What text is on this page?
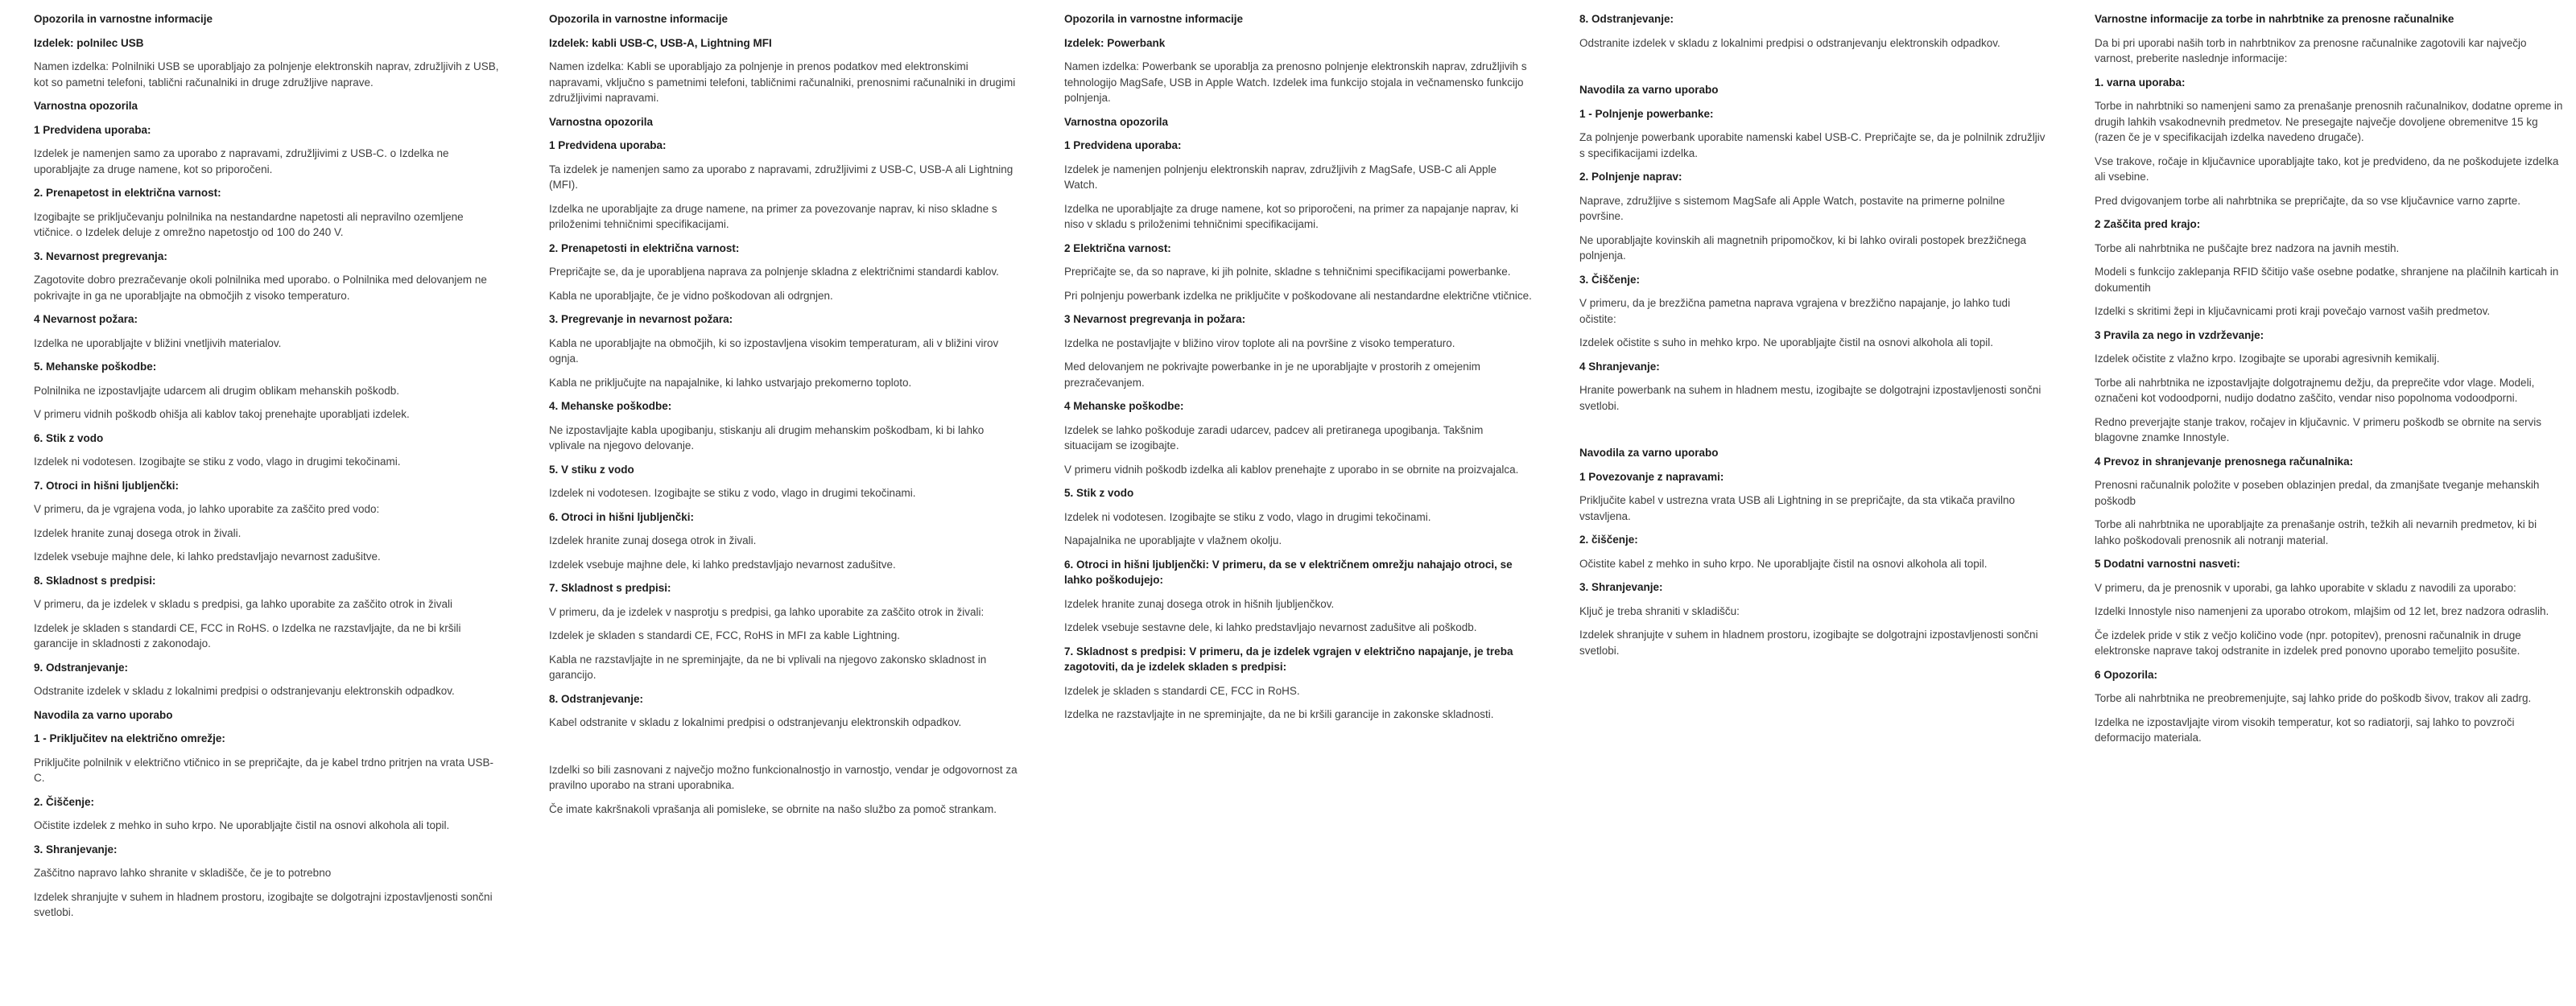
Opozorila in varnostne informacije
Izdelek: polnilec USB

Namen izdelka: Polnilniki USB se uporabljajo za polnjenje elektronskih naprav, združljivih z USB, kot so pametni telefoni, tablični računalniki in druge združljive naprave.

Varnostna opozorila
1 Predvidena uporaba:

Izdelek je namenjen samo za uporabo z napravami, združljivimi z USB-C. o Izdelka ne uporabljajte za druge namene, kot so priporočeni.

2. Prenapetost in električna varnost:

Izogibajte se priključevanju polnilnika na nestandardne napetosti ali nepravilno ozemljene vtičnice. o Izdelek deluje z omrežno napetostjo od 100 do 240 V.

3. Nevarnost pregrevanja:

Zagotovite dobro prezračevanje okoli polnilnika med uporabo. o Polnilnika med delovanjem ne pokrivajte in ga ne uporabljajte na območjih z visoko temperaturo.

4 Nevarnost požara:

Izdelka ne uporabljajte v bližini vnetljivih materialov.

5. Mehanske poškodbe:

Polnilnika ne izpostavljajte udarcem ali drugim oblikam mehanskih poškodb.

V primeru vidnih poškodb ohišja ali kablov takoj prenehajte uporabljati izdelek.

6. Stik z vodo

Izdelek ni vodotesen. Izogibajte se stiku z vodo, vlago in drugimi tekočinami.

7. Otroci in hišni ljubljenčki:

V primeru, da je vgrajena voda, jo lahko uporabite za zaščito pred vodo:

Izdelek hranite zunaj dosega otrok in živali.

Izdelek vsebuje majhne dele, ki lahko predstavljajo nevarnost zadušitve.

8. Skladnost s predpisi:

V primeru, da je izdelek v skladu s predpisi, ga lahko uporabite za zaščito otrok in živali

Izdelek je skladen s standardi CE, FCC in RoHS. o Izdelka ne razstavljajte, da ne bi kršili garancije in skladnosti z zakonodajo.

9. Odstranjevanje:

Odstranite izdelek v skladu z lokalnimi predpisi o odstranjevanju elektronskih odpadkov.

Navodila za varno uporabo
1 - Priključitev na električno omrežje:

Priključite polnilnik v električno vtičnico in se prepričajte, da je kabel trdno pritrjen na vrata USB-C.

2. Čiščenje:

Očistite izdelek z mehko in suho krpo. Ne uporabljajte čistil na osnovi alkohola ali topil.

3. Shranjevanje:

Zaščitno napravo lahko shranite v skladišče, če je to potrebno

Izdelek shranjujte v suhem in hladnem prostoru, izogibajte se dolgotrajni izpostavljenosti sončni svetlobi.

Opozorila in varnostne informacije
Izdelek: kabli USB-C, USB-A, Lightning MFI

Namen izdelka: Kabli se uporabljajo za polnjenje in prenos podatkov med elektronskimi napravami, vključno s pametnimi telefoni, tabličnimi računalniki, prenosnimi računalniki in drugimi združljivimi napravami.

Varnostna opozorila
1 Predvidena uporaba:

Ta izdelek je namenjen samo za uporabo z napravami, združljivimi z USB-C, USB-A ali Lightning (MFI).

Izdelka ne uporabljajte za druge namene, na primer za povezovanje naprav, ki niso skladne s priloženimi tehničnimi specifikacijami.

2. Prenapetosti in električna varnost:

Prepričajte se, da je uporabljena naprava za polnjenje skladna z električnimi standardi kablov.

Kabla ne uporabljajte, če je vidno poškodovan ali odrgnjen.

3. Pregrevanje in nevarnost požara:

Kabla ne uporabljajte na območjih, ki so izpostavljena visokim temperaturam, ali v bližini virov ognja.

Kabla ne priključujte na napajalnike, ki lahko ustvarjajo prekomerno toploto.

4. Mehanske poškodbe:

Ne izpostavljajte kabla upogibanju, stiskanju ali drugim mehanskim poškodbam, ki bi lahko vplivale na njegovo delovanje.

5. V stiku z vodo

Izdelek ni vodotesen. Izogibajte se stiku z vodo, vlago in drugimi tekočinami.

6. Otroci in hišni ljubljenčki:

Izdelek hranite zunaj dosega otrok in živali.

Izdelek vsebuje majhne dele, ki lahko predstavljajo nevarnost zadušitve.

7. Skladnost s predpisi:

V primeru, da je izdelek v nasprotju s predpisi, ga lahko uporabite za zaščito otrok in živali:

Izdelek je skladen s standardi CE, FCC, RoHS in MFI za kable Lightning.

Kabla ne razstavljajte in ne spreminjajte, da ne bi vplivali na njegovo zakonsko skladnost in garancijo.

8. Odstranjevanje:

Kabel odstranite v skladu z lokalnimi predpisi o odstranjevanju elektronskih odpadkov.

Izdelki so bili zasnovani z največjo možno funkcionalnostjo in varnostjo, vendar je odgovornost za pravilno uporabo na strani uporabnika.

Če imate kakršnakoli vprašanja ali pomisleke, se obrnite na našo službo za pomoč strankam.

Opozorila in varnostne informacije
Izdelek: Powerbank

Namen izdelka: Powerbank se uporablja za prenosno polnjenje elektronskih naprav, združljivih s tehnologijo MagSafe, USB in Apple Watch. Izdelek ima funkcijo stojala in večnamensko funkcijo polnjenja.

Varnostna opozorila
1 Predvidena uporaba:

Izdelek je namenjen polnjenju elektronskih naprav, združljivih z MagSafe, USB-C ali Apple Watch.

Izdelka ne uporabljajte za druge namene, kot so priporočeni, na primer za napajanje naprav, ki niso v skladu s priloženimi tehničnimi specifikacijami.

2 Električna varnost:

Prepričajte se, da so naprave, ki jih polnite, skladne s tehničnimi specifikacijami powerbanke.

Pri polnjenju powerbank izdelka ne priključite v poškodovane ali nestandardne električne vtičnice.

3 Nevarnost pregrevanja in požara:

Izdelka ne postavljajte v bližino virov toplote ali na površine z visoko temperaturo.

Med delovanjem ne pokrivajte powerbanke in je ne uporabljajte v prostorih z omejenim prezračevanjem.

4 Mehanske poškodbe:

Izdelek se lahko poškoduje zaradi udarcev, padcev ali pretiranega upogibanja. Takšnim situacijam se izogibajte.

V primeru vidnih poškodb izdelka ali kablov prenehajte z uporabo in se obrnite na proizvajalca.

5. Stik z vodo

Izdelek ni vodotesen. Izogibajte se stiku z vodo, vlago in drugimi tekočinami.

Napajalnika ne uporabljajte v vlažnem okolju.

6. Otroci in hišni ljubljenčki: V primeru, da se v električnem omrežju nahajajo otroci, se lahko poškodujejo:

Izdelek hranite zunaj dosega otrok in hišnih ljubljenčkov.

Izdelek vsebuje sestavne dele, ki lahko predstavljajo nevarnost zadušitve ali poškodb.

7. Skladnost s predpisi: V primeru, da je izdelek vgrajen v električno napajanje, je treba zagotoviti, da je izdelek skladen s predpisi:

Izdelek je skladen s standardi CE, FCC in RoHS.

Izdelka ne razstavljajte in ne spreminjajte, da ne bi kršili garancije in zakonske skladnosti.

8. Odstranjevanje:

Odstranite izdelek v skladu z lokalnimi predpisi o odstranjevanju elektronskih odpadkov.

Navodila za varno uporabo
1 - Polnjenje powerbanke:

Za polnjenje powerbank uporabite namenski kabel USB-C. Prepričajte se, da je polnilnik združljiv s specifikacijami izdelka.

2. Polnjenje naprav:

Naprave, združljive s sistemom MagSafe ali Apple Watch, postavite na primerne polnilne površine.

Ne uporabljajte kovinskih ali magnetnih pripomočkov, ki bi lahko ovirali postopek brezžičnega polnjenja.

3. Čiščenje:

V primeru, da je brezžična pametna naprava vgrajena v brezžično napajanje, jo lahko tudi očistite:

Izdelek očistite s suho in mehko krpo. Ne uporabljajte čistil na osnovi alkohola ali topil.

4 Shranjevanje:

Hranite powerbank na suhem in hladnem mestu, izogibajte se dolgotrajni izpostavljenosti sončni svetlobi.

Navodila za varno uporabo
1 Povezovanje z napravami:

Priključite kabel v ustrezna vrata USB ali Lightning in se prepričajte, da sta vtikača pravilno vstavljena.

2. čiščenje:

Očistite kabel z mehko in suho krpo. Ne uporabljajte čistil na osnovi alkohola ali topil.

3. Shranjevanje:

Ključ je treba shraniti v skladišču:

Izdelek shranjujte v suhem in hladnem prostoru, izogibajte se dolgotrajni izpostavljenosti sončni svetlobi.

Varnostne informacije za torbe in nahrbtnike za prenosne računalnike

Da bi pri uporabi naših torb in nahrbtnikov za prenosne računalnike zagotovili kar največjo varnost, preberite naslednje informacije:

1. varna uporaba:

Torbe in nahrbtniki so namenjeni samo za prenašanje prenosnih računalnikov, dodatne opreme in drugih lahkih vsakodnevnih predmetov. Ne presegajte največje dovoljene obremenitve 15 kg (razen če je v specifikacijah izdelka navedeno drugače).

Vse trakove, ročaje in ključavnice uporabljajte tako, kot je predvideno, da ne poškodujete izdelka ali vsebine.

Pred dvigovanjem torbe ali nahrbtnika se prepričajte, da so vse ključavnice varno zaprte.

2 Zaščita pred krajo:

Torbe ali nahrbtnika ne puščajte brez nadzora na javnih mestih.

Modeli s funkcijo zaklepanja RFID ščitijo vaše osebne podatke, shranjene na plačilnih karticah in dokumentih

Izdelki s skritimi žepi in ključavnicami proti kraji povečajo varnost vaših predmetov.

3 Pravila za nego in vzdrževanje:

Izdelek očistite z vlažno krpo. Izogibajte se uporabi agresivnih kemikalij.

Torbe ali nahrbtnika ne izpostavljajte dolgotrajnemu dežju, da preprečite vdor vlage. Modeli, označeni kot vodoodporni, nudijo dodatno zaščito, vendar niso popolnoma vodoodporni.

Redno preverjajte stanje trakov, ročajev in ključavnic. V primeru poškodb se obrnite na servis blagovne znamke Innostyle.

4 Prevoz in shranjevanje prenosnega računalnika:

Prenosni računalnik položite v poseben oblazinjen predal, da zmanjšate tveganje mehanskih poškodb

Torbe ali nahrbtnika ne uporabljajte za prenašanje ostrih, težkih ali nevarnih predmetov, ki bi lahko poškodovali prenosnik ali notranji material.

5 Dodatni varnostni nasveti:

V primeru, da je prenosnik v uporabi, ga lahko uporabite v skladu z navodili za uporabo:

Izdelki Innostyle niso namenjeni za uporabo otrokom, mlajšim od 12 let, brez nadzora odraslih.

Če izdelek pride v stik z večjo količino vode (npr. potopitev), prenosni računalnik in druge elektronske naprave takoj odstranite in izdelek pred ponovno uporabo temeljito posušite.

6 Opozorila:

Torbe ali nahrbtnika ne preobremenjujte, saj lahko pride do poškodb šivov, trakov ali zadrg.

Izdelka ne izpostavljajte virom visokih temperatur, kot so radiatorji, saj lahko to povzroči deformacijo materiala.
